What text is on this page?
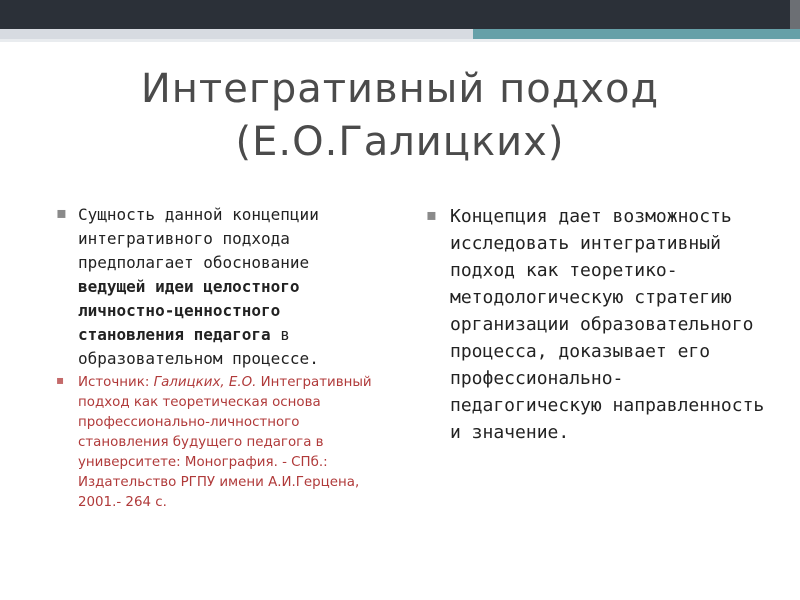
Интегративный подход
(Е.О.Галицких)
▪ Сущность данной концепции интегративного подхода предполагает обоснование ведущей идеи целостного личностно-ценностного становления педагога в образовательном процессе.
▪ Источник: Галицких, Е.О. Интегративный подход как теоретическая основа профессионально-личностного становления будущего педагога в университете: Монография. - СПб.: Издательство РГПУ имени А.И.Герцена, 2001.- 264 с.
▪ Концепция дает возможность исследовать интегративный подход как теоретико-методологическую стратегию организации образовательного процесса, доказывает его профессионально-педагогическую направленность и значение.
